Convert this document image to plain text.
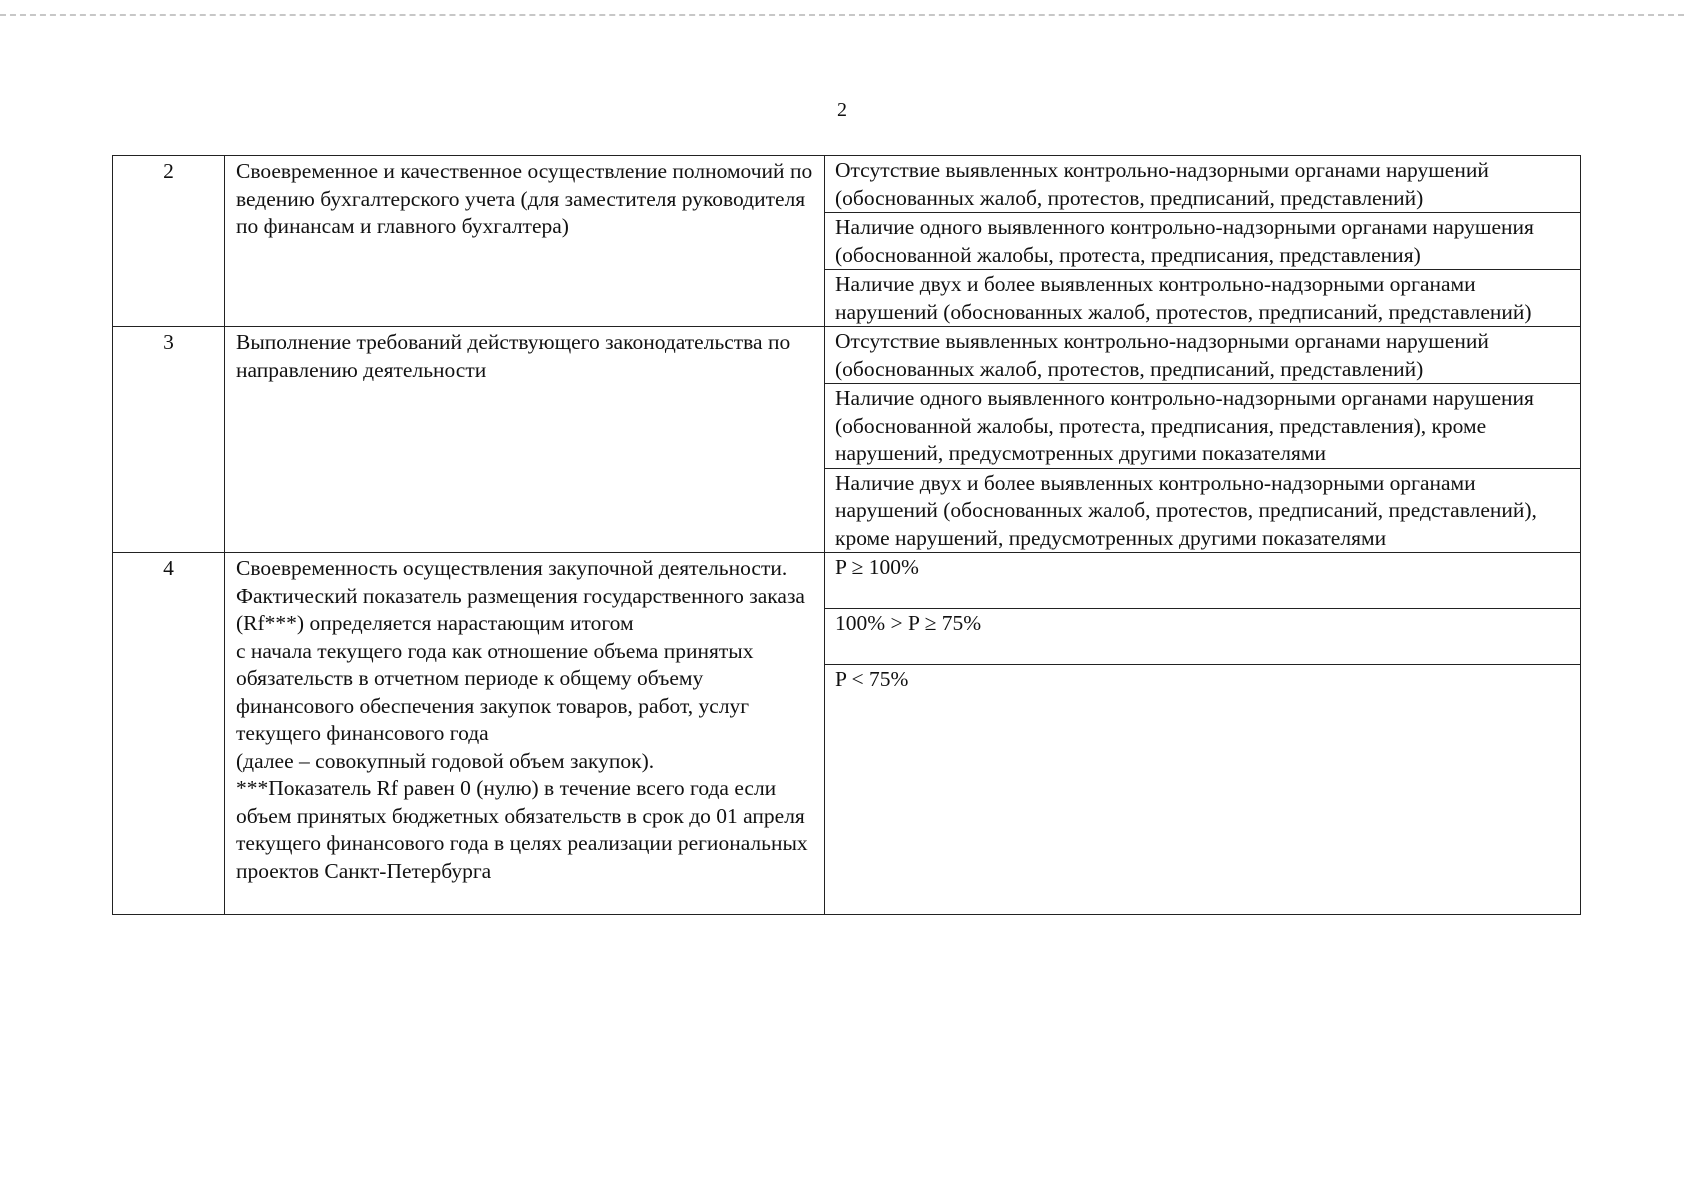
2
2	Своевременное и качественное осуществление полномочий по ведению бухгалтерского учета (для заместителя руководителя по финансам и главного бухгалтера)	Отсутствие выявленных контрольно-надзорными органами нарушений (обоснованных жалоб, протестов, предписаний, представлений)
		Наличие одного выявленного контрольно-надзорными органами нарушения (обоснованной жалобы, протеста, предписания, представления)
		Наличие двух и более выявленных контрольно-надзорными органами нарушений (обоснованных жалоб, протестов, предписаний, представлений)
3	Выполнение требований действующего законодательства по направлению деятельности	Отсутствие выявленных контрольно-надзорными органами нарушений (обоснованных жалоб, протестов, предписаний, представлений)
		Наличие одного выявленного контрольно-надзорными органами нарушения (обоснованной жалобы, протеста, предписания, представления), кроме нарушений, предусмотренных другими показателями
		Наличие двух и более выявленных контрольно-надзорными органами нарушений (обоснованных жалоб, протестов, предписаний, представлений), кроме нарушений, предусмотренных другими показателями
4	Своевременность осуществления закупочной деятельности.
Фактический показатель размещения государственного заказа (Rf***) определяется нарастающим итогом
с начала текущего года как отношение объема принятых обязательств в отчетном периоде к общему объему финансового обеспечения закупок товаров, работ, услуг текущего финансового года
(далее – совокупный годовой объем закупок).
***Показатель Rf равен 0 (нулю) в течение всего года если объем принятых бюджетных обязательств в срок до 01 апреля текущего финансового года в целях реализации региональных проектов Санкт-Петербурга	P ≥ 100%
		100% > P ≥ 75%
		P < 75%
